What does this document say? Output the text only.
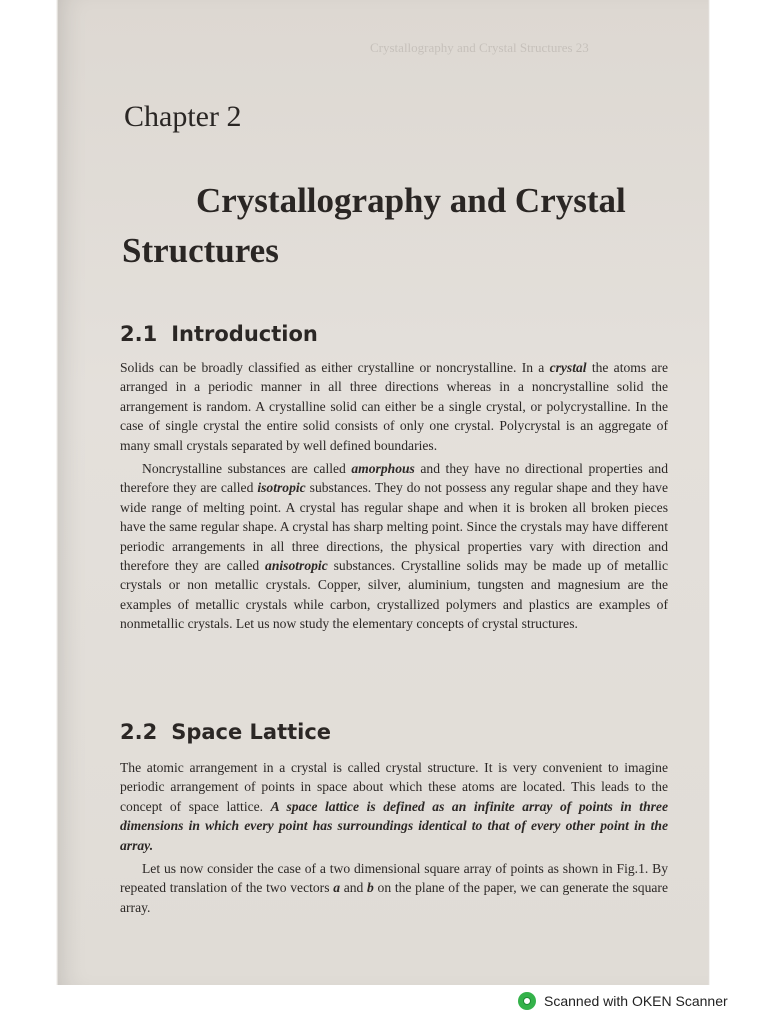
Crystallography and Crystal Structures 23
Chapter 2
Crystallography and Crystal Structures
2.1 Introduction

Solids can be broadly classified as either crystalline or noncrystalline. In a crystal the atoms are arranged in a periodic manner in all three directions whereas in a noncrystalline solid the arrangement is random. A crystalline solid can either be a single crystal, or polycrystalline. In the case of single crystal the entire solid consists of only one crystal. Polycrystal is an aggregate of many small crystals separated by well defined boundaries.

Noncrystalline substances are called amorphous and they have no directional properties and therefore they are called isotropic substances. They do not possess any regular shape and they have wide range of melting point. A crystal has regular shape and when it is broken all broken pieces have the same regular shape. A crystal has sharp melting point. Since the crystals may have different periodic arrangements in all three directions, the physical properties vary with direction and therefore they are called anisotropic substances. Crystalline solids may be made up of metallic crystals or non metallic crystals. Copper, silver, aluminium, tungsten and magnesium are the examples of metallic crystals while carbon, crystallized polymers and plastics are examples of nonmetallic crystals. Let us now study the elementary concepts of crystal structures.

2.2 Space Lattice

The atomic arrangement in a crystal is called crystal structure. It is very convenient to imagine periodic arrangement of points in space about which these atoms are located. This leads to the concept of space lattice. A space lattice is defined as an infinite array of points in three dimensions in which every point has surroundings identical to that of every other point in the array.

Let us now consider the case of a two dimensional square array of points as shown in Fig.1. By repeated translation of the two vectors a and b on the plane of the paper, we can generate the square array.

Scanned with OKEN Scanner
